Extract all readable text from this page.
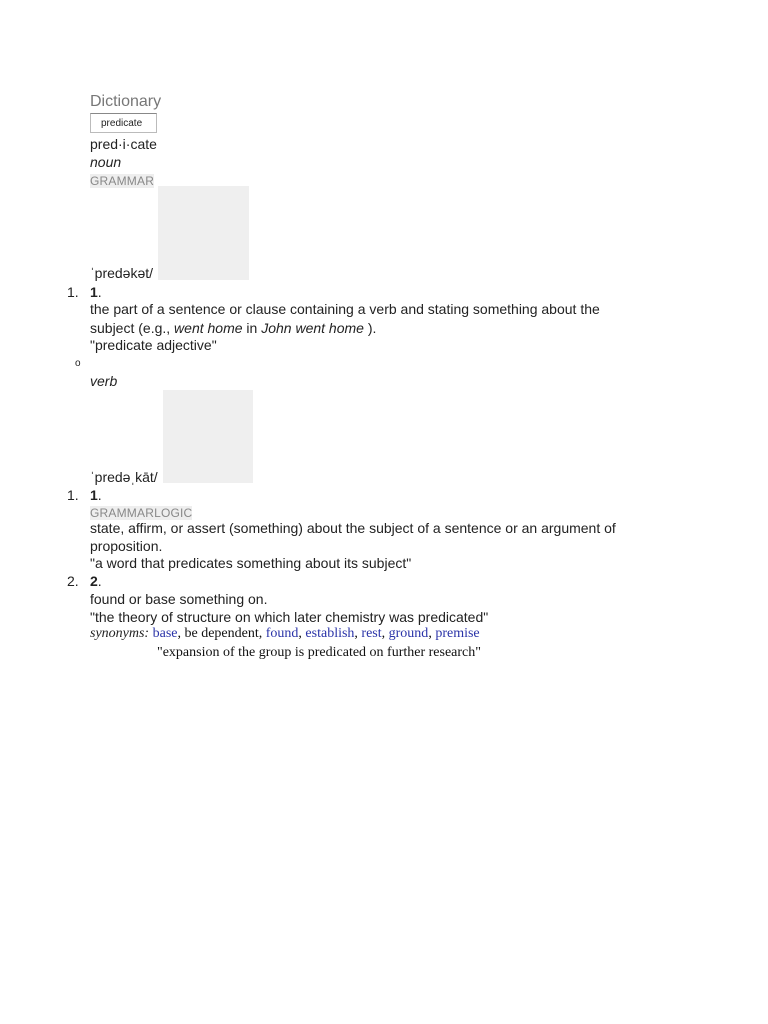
Dictionary
predicate
pred·i·cate
noun
GRAMMAR
ˈpredəkət/
1. 1.
the part of a sentence or clause containing a verb and stating something about the
subject (e.g., went home in John went home ).
"predicate adjective"
o
verb
ˈpredəˌkāt/
1. 1.
GRAMMARLOGIC
state, affirm, or assert (something) about the subject of a sentence or an argument of
proposition.
"a word that predicates something about its subject"
2. 2.
found or base something on.
"the theory of structure on which later chemistry was predicated"
synonyms: base, be dependent, found, establish, rest, ground, premise
"expansion of the group is predicated on further research"
